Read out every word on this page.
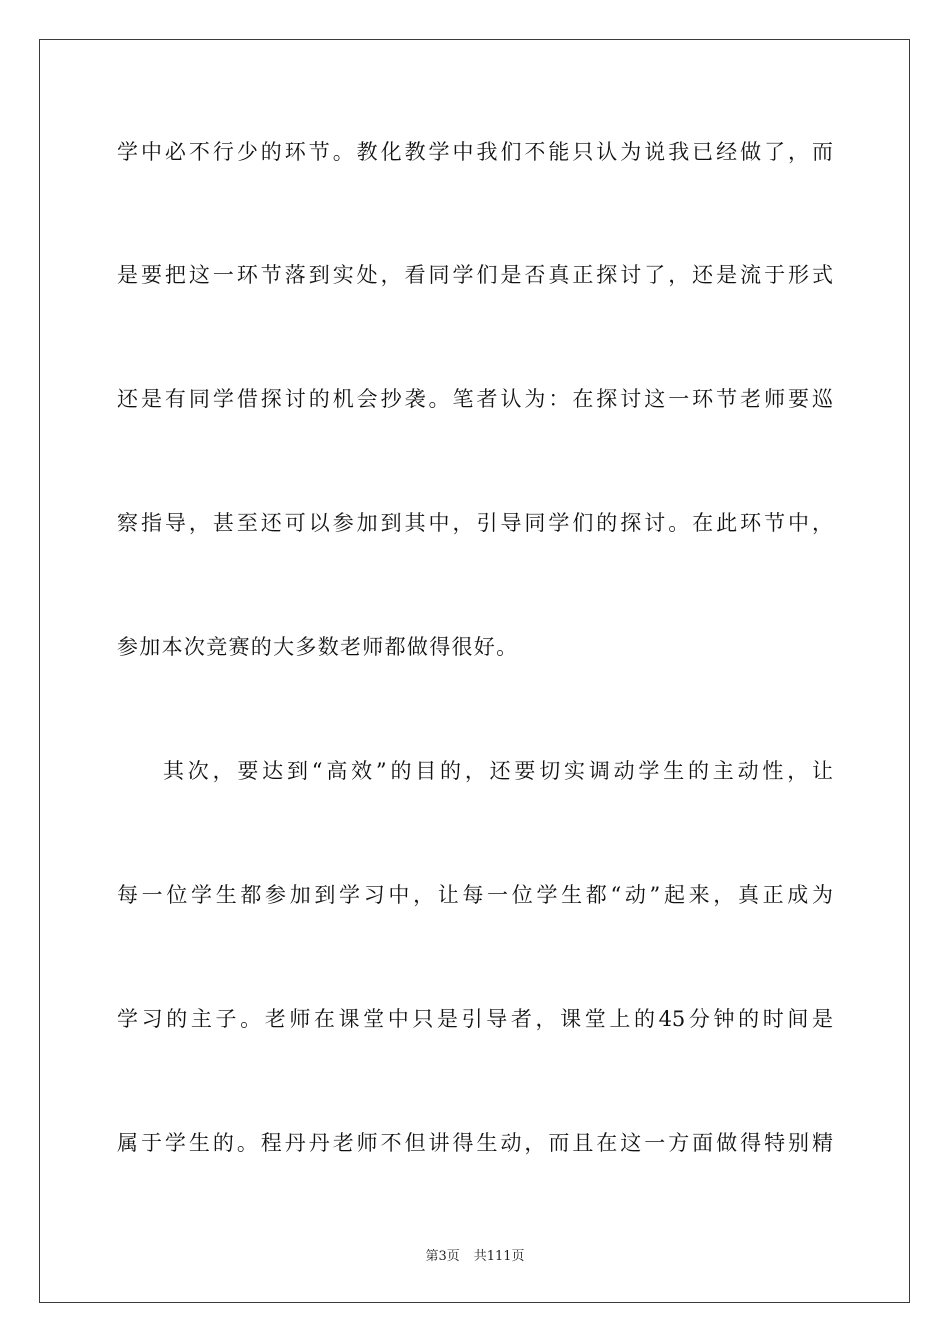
学中必不行少的环节。教化教学中我们不能只认为说我已经做了，而
是要把这一环节落到实处，看同学们是否真正探讨了，还是流于形式
还是有同学借探讨的机会抄袭。笔者认为：在探讨这一环节老师要巡
察指导，甚至还可以参加到其中，引导同学们的探讨。在此环节中，
参加本次竞赛的大多数老师都做得很好。
其次，要达到“高效”的目的，还要切实调动学生的主动性，让
每一位学生都参加到学习中，让每一位学生都“动”起来，真正成为
学习的主子。老师在课堂中只是引导者，课堂上的45分钟的时间是
属于学生的。程丹丹老师不但讲得生动，而且在这一方面做得特别精
第3页 共111页
